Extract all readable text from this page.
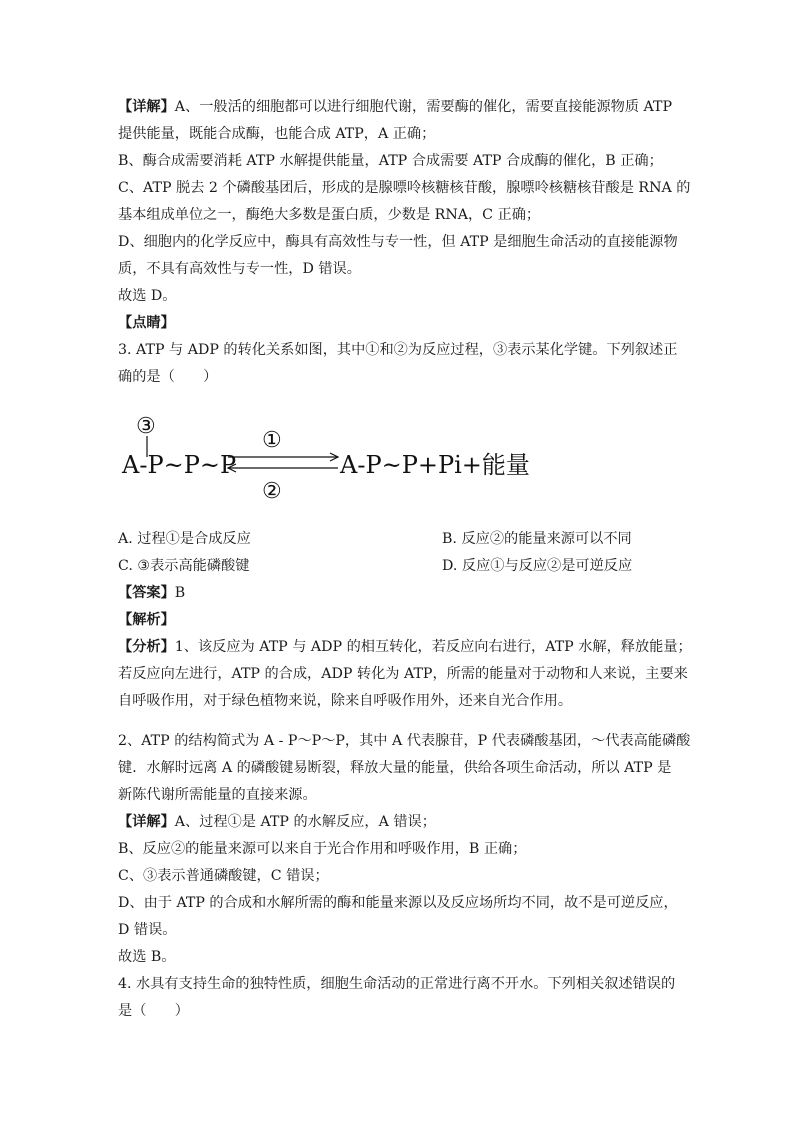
【详解】A、一般活的细胞都可以进行细胞代谢，需要酶的催化，需要直接能源物质 ATP
提供能量，既能合成酶，也能合成 ATP，A 正确；
B、酶合成需要消耗 ATP 水解提供能量，ATP 合成需要 ATP 合成酶的催化，B 正确；
C、ATP 脱去 2 个磷酸基团后，形成的是腺嘌呤核糖核苷酸，腺嘌呤核糖核苷酸是 RNA 的
基本组成单位之一，酶绝大多数是蛋白质，少数是 RNA，C 正确；
D、细胞内的化学反应中，酶具有高效性与专一性，但 ATP 是细胞生命活动的直接能源物
质，不具有高效性与专一性，D 错误。
故选 D。
【点睛】
3. ATP 与 ADP 的转化关系如图，其中①和②为反应过程，③表示某化学键。下列叙述正
确的是（　　）
③
A-P~P~P
①
②
A-P~P+Pi+能量
A. 过程①是合成反应	B. 反应②的能量来源可以不同
C. ③表示高能磷酸键	D. 反应①与反应②是可逆反应
【答案】B
【解析】
【分析】1、该反应为 ATP 与 ADP 的相互转化，若反应向右进行，ATP 水解，释放能量；
若反应向左进行，ATP 的合成，ADP 转化为 ATP，所需的能量对于动物和人来说，主要来
自呼吸作用，对于绿色植物来说，除来自呼吸作用外，还来自光合作用。
2、ATP 的结构简式为 A - P～P～P，其中 A 代表腺苷，P 代表磷酸基团，～代表高能磷酸
键．水解时远离 A 的磷酸键易断裂，释放大量的能量，供给各项生命活动，所以 ATP 是
新陈代谢所需能量的直接来源。
【详解】A、过程①是 ATP 的水解反应，A 错误；
B、反应②的能量来源可以来自于光合作用和呼吸作用，B 正确；
C、③表示普通磷酸键，C 错误；
D、由于 ATP 的合成和水解所需的酶和能量来源以及反应场所均不同，故不是可逆反应，
D 错误。
故选 B。
4. 水具有支持生命的独特性质，细胞生命活动的正常进行离不开水。下列相关叙述错误的
是（　　）
